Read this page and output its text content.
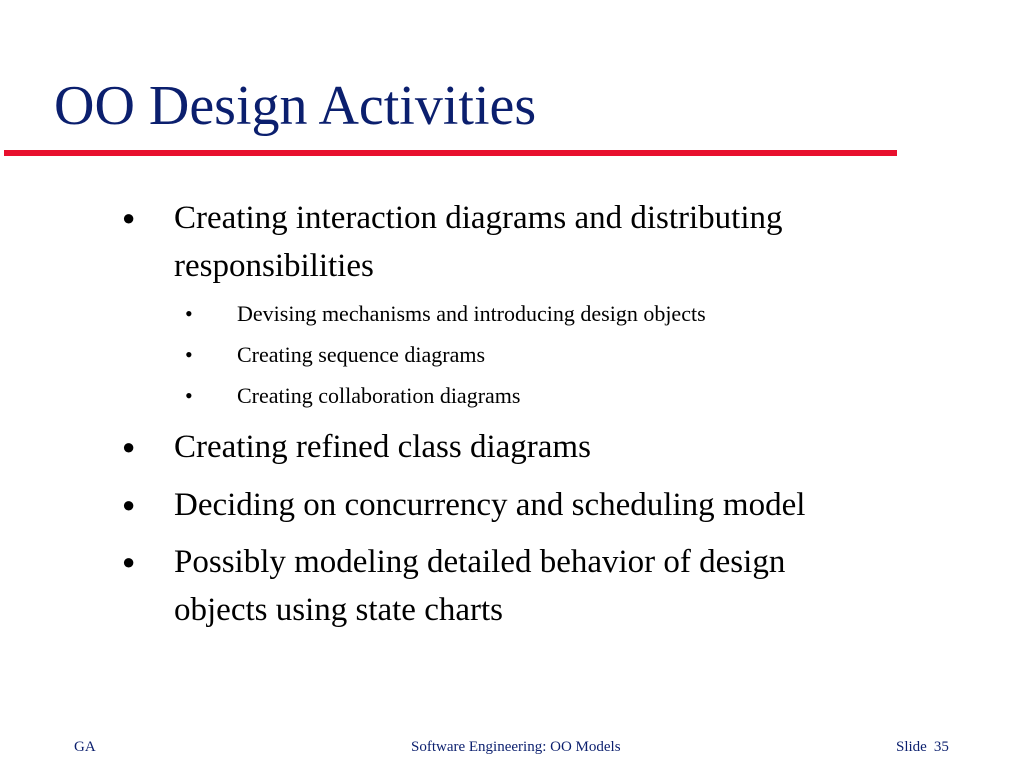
OO Design Activities
● Creating interaction diagrams and distributing
responsibilities
• Devising mechanisms and introducing design objects
• Creating sequence diagrams
• Creating collaboration diagrams
● Creating refined class diagrams
● Deciding on concurrency and scheduling model
● Possibly modeling detailed behavior of design
objects using state charts
GA	Software Engineering: OO Models	Slide 35
